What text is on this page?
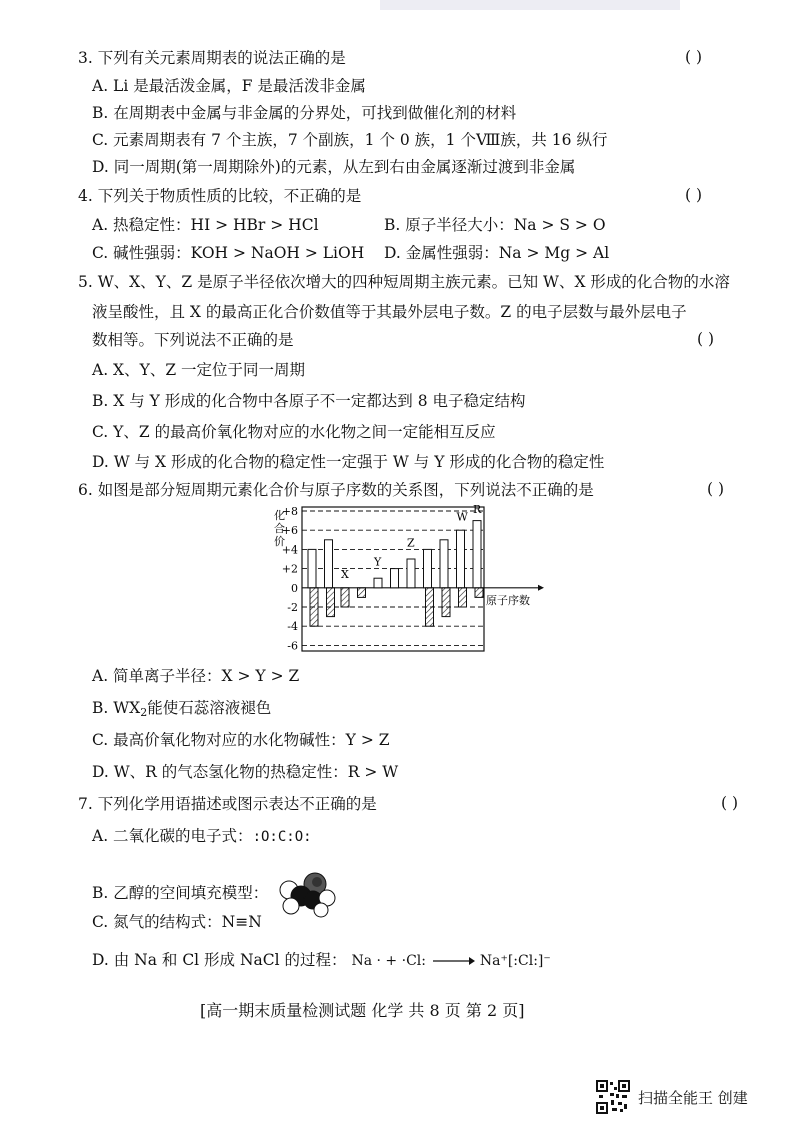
3. 下列有关元素周期表的说法正确的是	( )
A. Li 是最活泼金属，F 是最活泼非金属
B. 在周期表中金属与非金属的分界处，可找到做催化剂的材料
C. 元素周期表有 7 个主族，7 个副族，1 个 0 族，1 个Ⅷ族，共 16 纵行
D. 同一周期(第一周期除外)的元素，从左到右由金属逐渐过渡到非金属
4. 下列关于物质性质的比较，不正确的是	( )
A. 热稳定性：HI > HBr > HCl	B. 原子半径大小：Na > S > O
C. 碱性强弱：KOH > NaOH > LiOH D. 金属性强弱：Na > Mg > Al
5. W、X、Y、Z 是原子半径依次增大的四种短周期主族元素。已知 W、X 形成的化合物的水溶
液呈酸性，且 X 的最高正化合价数值等于其最外层电子数。Z 的电子层数与最外层电子
数相等。下列说法不正确的是	( )
A. X、Y、Z 一定位于同一周期
B. X 与 Y 形成的化合物中各原子不一定都达到 8 电子稳定结构
C. Y、Z 的最高价氧化物对应的水化物之间一定能相互反应
D. W 与 X 形成的化合物的稳定性一定强于 W 与 Y 形成的化合物的稳定性
6. 如图是部分短周期元素化合价与原子序数的关系图，下列说法不正确的是	( )
化
合
价
+8
+6
+4
+2
0
-2
-4
-6
原子序数
X
Y
Z
W
R
A. 简单离子半径：X > Y > Z
B. $WX_2$能使石蕊溶液褪色
C. 最高价氧化物对应的水化物碱性：Y > Z
D. W、R 的气态氢化物的热稳定性：R > W
7. 下列化学用语描述或图示表达不正确的是	( )
A. 二氧化碳的电子式：:O:C:O:
B. 乙醇的空间填充模型：
C. 氮气的结构式：N≡N
D. 由 Na 和 Cl 形成 NaCl 的过程： Na · + ·Cl: → Na⁺[:Cl:]⁻
[高一期末质量检测试题 化学 共 8 页 第 2 页]
扫描全能王 创建
